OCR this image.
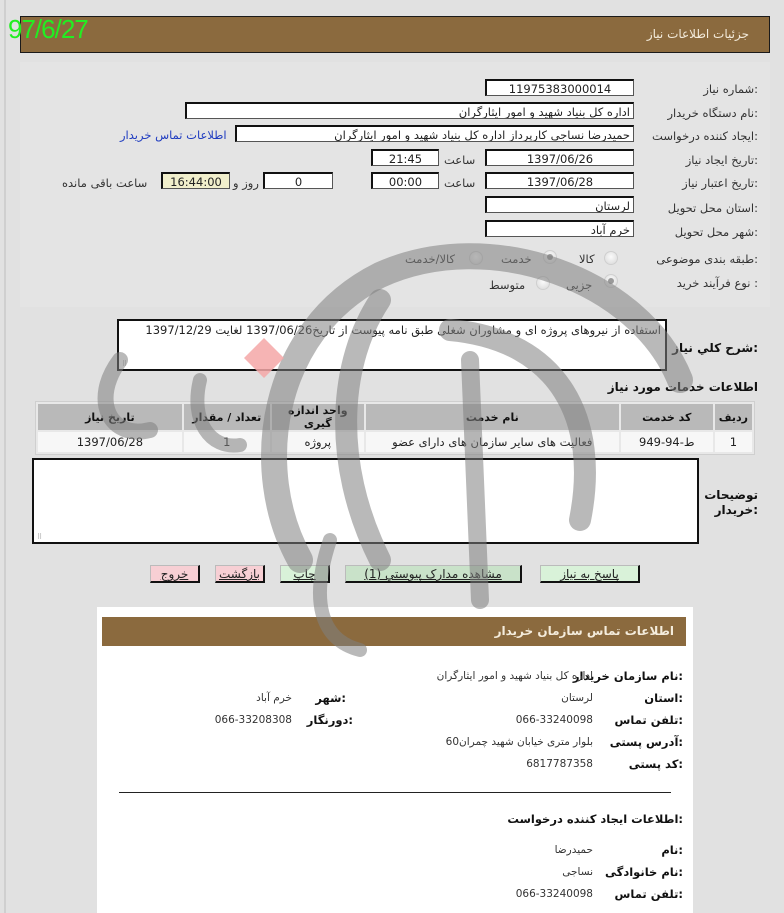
جزئیات اطلاعات نیاز
97/6/27
شماره نیاز:
11975383000014
نام دستگاه خریدار:
اداره کل بنیاد شهید و امور ایثارگران
ایجاد کننده درخواست:
حمیدرضا نساجی کارپرداز اداره کل بنیاد شهید و امور ایثارگران
اطلاعات تماس خریدار
تاریخ ایجاد نیاز:
1397/06/26
ساعت
21:45
تاریخ اعتبار نیاز:
1397/06/28
ساعت
00:00
0
روز و
16:44:00
ساعت باقی مانده
استان محل تحویل:
لرستان
شهر محل تحویل:
خرم آباد
طبقه بندی موضوعی:
کالا
خدمت
کالا/خدمت
نوع فرآیند خرید :
جزیی
متوسط
شرح کلي نياز:
استفاده از نیروهای پروژه ای و مشاوران شغلی طبق نامه پیوست از تاریخ1397/06/26 لغایت 1397/12/29
⠿
اطلاعات خدمات مورد نیاز
ردیف	کد خدمت	نام خدمت	واحد اندازه گیری	تعداد / مقدار	تاریخ نیاز
1	ط-94-949	فعالیت های سایر سازمان های دارای عضو	پروژه	1	1397/06/28
توضیحات
خریدار:
⠿
پاسخ به نیاز
مشاهده مدارک پیوستي (1)
چاپ
بازگشت
خروج
اطلاعات تماس سازمان خریدار
نام سازمان خریدار:
اداره کل بنیاد شهید و امور ایثارگران
استان:
لرستان
شهر:
خرم آباد
تلفن تماس:
066-33240098
دورنگار:
066-33208308
آدرس پستی:
60بلوار متری خیابان شهید چمران
کد پستی:
6817787358
اطلاعات ایجاد کننده درخواست:
نام:
حمیدرضا
نام خانوادگی:
نساجی
تلفن تماس:
066-33240098
